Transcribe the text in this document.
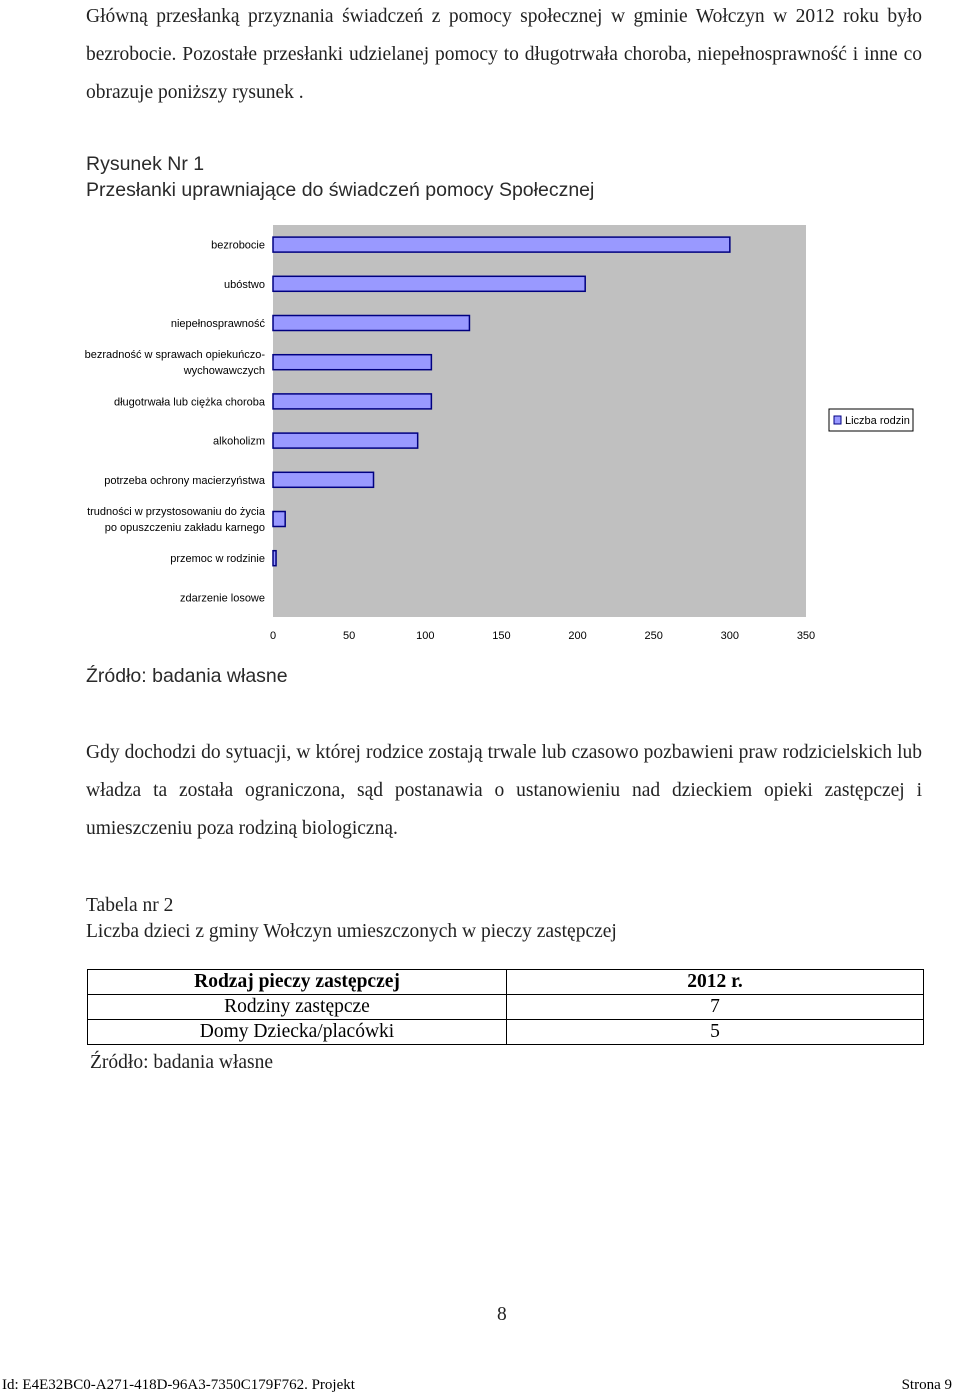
Główną przesłanką przyznania świadczeń z pomocy społecznej w gminie Wołczyn w 2012 roku było bezrobocie. Pozostałe przesłanki udzielanej pomocy to długotrwała choroba, niepełnosprawność i inne co obrazuje poniższy rysunek .

Rysunek Nr 1
Przesłanki uprawniające do świadczeń pomocy Społecznej
bezrobocie
ubóstwo
niepełnosprawność
bezradność w sprawach opiekuńczo-
wychowawczych
długotrwała lub ciężka choroba
alkoholizm
potrzeba ochrony macierzyństwa
trudności w przystosowaniu do życia
po opuszczeniu zakładu karnego
przemoc w rodzinie
zdarzenie losowe
0	50	100	150	200	250	300	350
Liczba rodzin
Źródło: badania własne

Gdy dochodzi do sytuacji, w której rodzice zostają trwale lub czasowo pozbawieni praw rodzicielskich lub władza ta została ograniczona, sąd postanawia o ustanowieniu nad dzieckiem opieki zastępczej i umieszczeniu poza rodziną biologiczną.

Tabela nr 2
Liczba dzieci z gminy Wołczyn umieszczonych w pieczy zastępczej
Rodzaj pieczy zastępczej	2012 r.
Rodziny zastępcze	7
Domy Dziecka/placówki	5
Źródło: badania własne
8
Id: E4E32BC0-A271-418D-96A3-7350C179F762. Projekt	Strona 9
